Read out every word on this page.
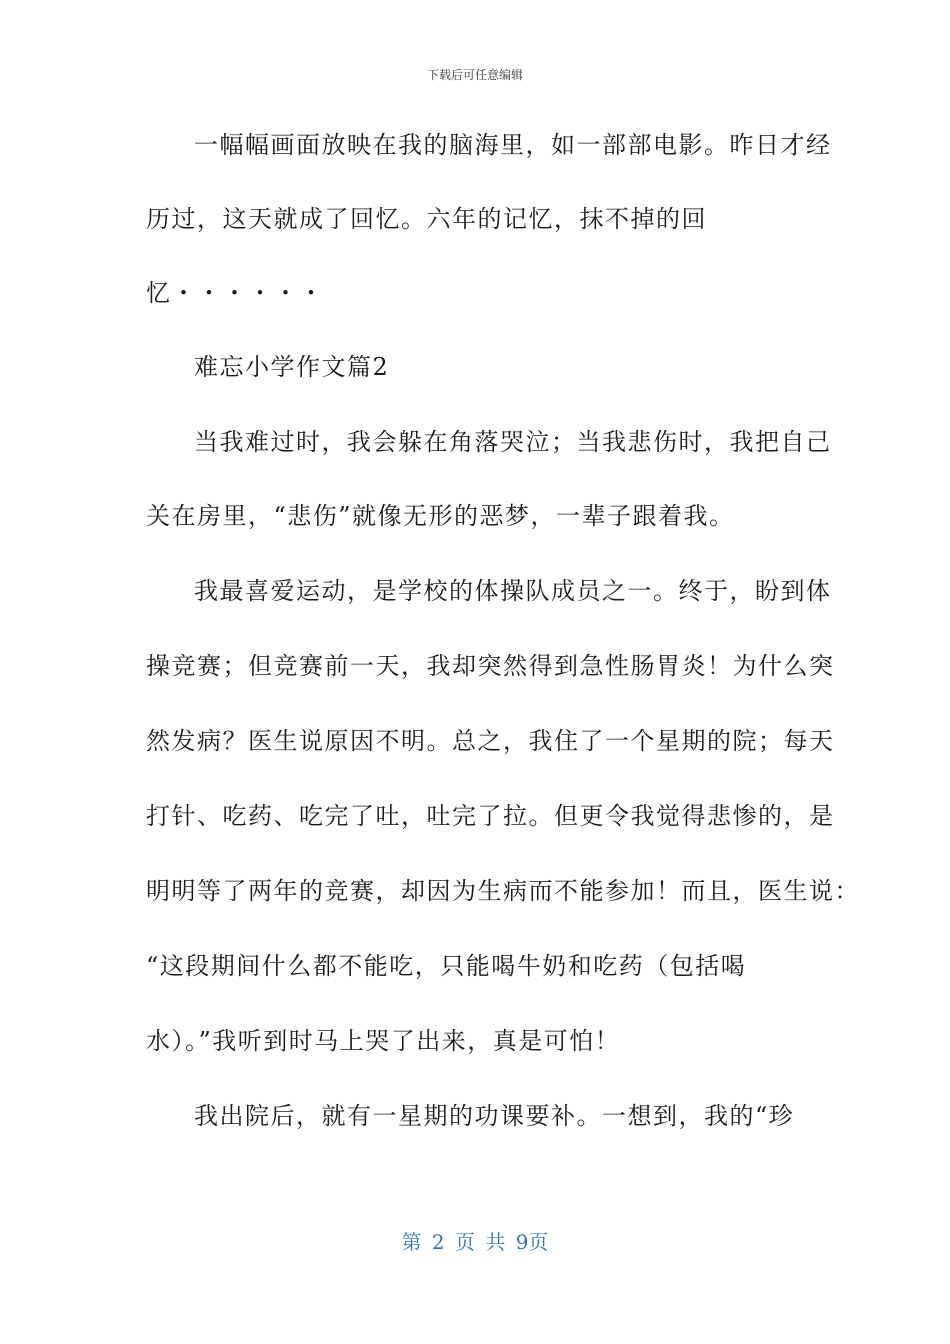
下载后可任意编辑
一幅幅画面放映在我的脑海里，如一部部电影。昨日才经
历过，这天就成了回忆。六年的记忆，抹不掉的回
忆・・・・・・
难忘小学作文篇2
当我难过时，我会躲在角落哭泣；当我悲伤时，我把自己
关在房里，“悲伤”就像无形的恶梦，一辈子跟着我。
我最喜爱运动，是学校的体操队成员之一。终于，盼到体
操竞赛；但竞赛前一天，我却突然得到急性肠胃炎！为什么突
然发病？医生说原因不明。总之，我住了一个星期的院；每天
打针、吃药、吃完了吐，吐完了拉。但更令我觉得悲惨的，是
明明等了两年的竞赛，却因为生病而不能参加！而且，医生说：
“这段期间什么都不能吃，只能喝牛奶和吃药（包括喝
水）。”我听到时马上哭了出来，真是可怕！
我出院后，就有一星期的功课要补。一想到，我的“珍
第 2 页 共 9页
